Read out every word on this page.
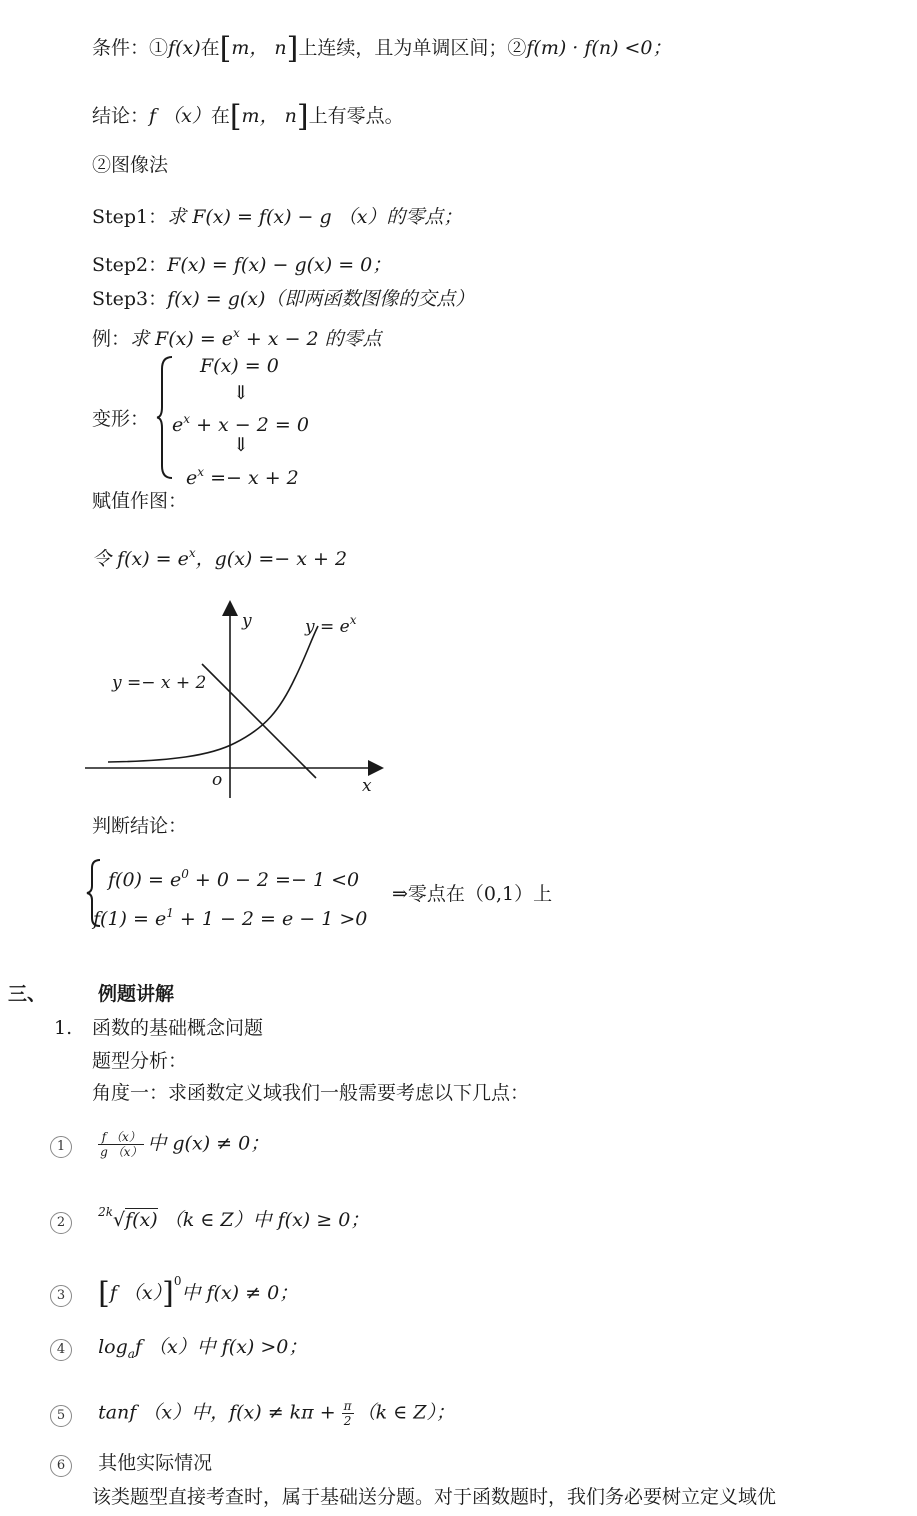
条件：①f(x)在[m， n]上连续，且为单调区间；②f(m) · f(n) <0；
结论：f （x）在[m， n]上有零点。
②图像法
Step1：求 F(x) = f(x) − g （x）的零点；
Step2：F(x) = f(x) − g(x) = 0；
Step3：f(x) = g(x)（即两函数图像的交点）
例：求 $F(x) = e^x + x - 2$ 的零点
变形：
F(x) = 0
⇓
$e^x + x - 2 = 0$
⇓
$e^x =- x + 2$
赋值作图：
令 $f(x) = e^x$，g(x) =− x + 2
y
x
o
$y = e^x$
y =− x + 2
判断结论：
$f(0) = e^0 + 0 - 2 =- 1 <0$
$f(1) = e^1 + 1 - 2 = e - 1 >0$
⇒零点在（0,1）上
三、	例题讲解
1. 函数的基础概念问题
题型分析：
角度一：求函数定义域我们一般需要考虑以下几点：
1	$\frac{f (x)}{g (x)}$ 中 g(x) ≠ 0；
2  $^{2k}$√f(x) （k ∈ Z）中 f(x) ≥ 0；
3 [f （x）]$^0$中 f(x) ≠ 0；
4 $\log_af$ （x）中 f(x) >0；
5 tanf （x）中，$f(x) \ne k\pi + \frac{\pi}{2} (k$ ∈ Z）；
6 其他实际情况
该类题型直接考查时，属于基础送分题。对于函数题时，我们务必要树立定义域优
